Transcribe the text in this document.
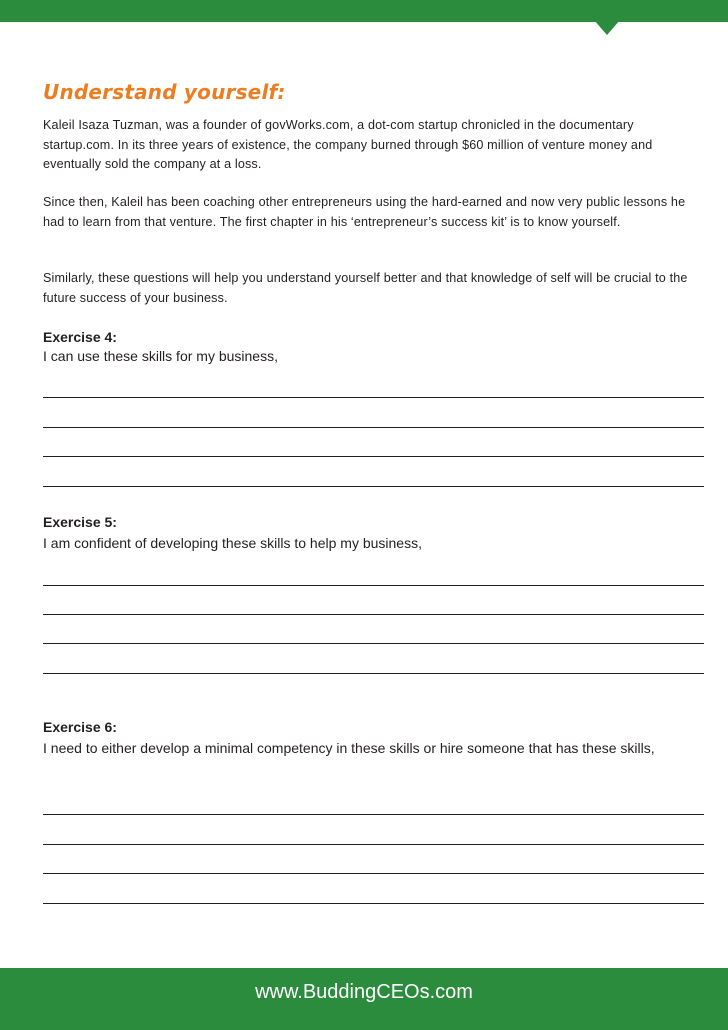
Understand yourself:

Kaleil Isaza Tuzman, was a founder of govWorks.com, a dot-com startup chronicled in the documentary startup.com. In its three years of existence, the company burned through $60 million of venture money and eventually sold the company at a loss.

Since then, Kaleil has been coaching other entrepreneurs using the hard-earned and now very public lessons he had to learn from that venture. The first chapter in his ‘entrepreneur’s success kit’ is to know yourself.

Similarly, these questions will help you understand yourself better and that knowledge of self will be crucial to the future success of your business.

Exercise 4:

I can use these skills for my business,

Exercise 5:

I am confident of developing these skills to help my business,

Exercise 6:

I need to either develop a minimal competency in these skills or hire someone that has these skills,

www.BuddingCEOs.com
